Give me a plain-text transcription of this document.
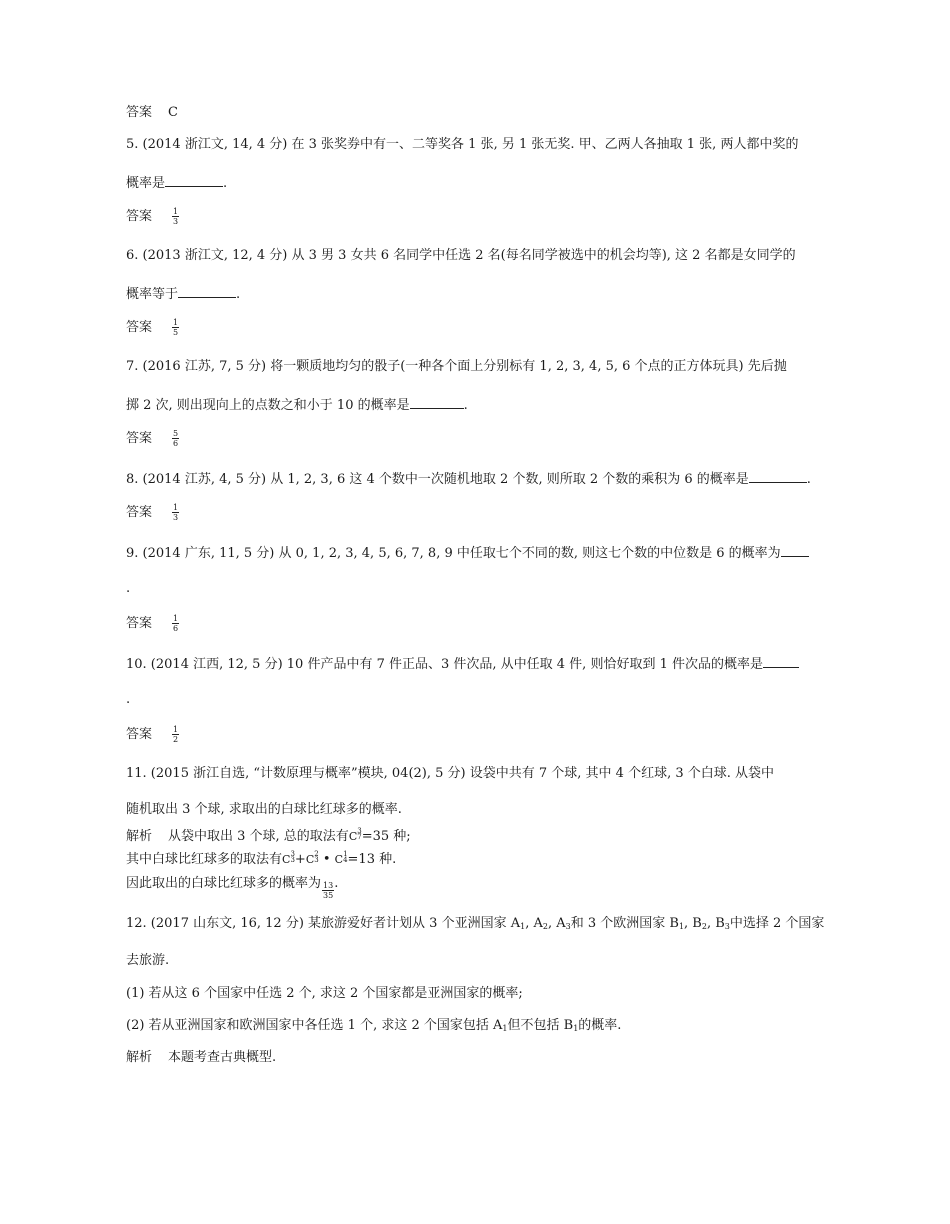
答案 C
5. (2014 浙江文, 14, 4 分) 在 3 张奖券中有一、二等奖各 1 张, 另 1 张无奖. 甲、乙两人各抽取 1 张, 两人都中奖的
概率是	.
答案 $\frac{1}{3}$
6. (2013 浙江文, 12, 4 分) 从 3 男 3 女共 6 名同学中任选 2 名(每名同学被选中的机会均等), 这 2 名都是女同学的
概率等于	.
答案 $\frac{1}{5}$
7. (2016 江苏, 7, 5 分) 将一颗质地均匀的骰子(一种各个面上分别标有 1, 2, 3, 4, 5, 6 个点的正方体玩具) 先后抛
掷 2 次, 则出现向上的点数之和小于 10 的概率是	.
答案 $\frac{5}{6}$
8. (2014 江苏, 4, 5 分) 从 1, 2, 3, 6 这 4 个数中一次随机地取 2 个数, 则所取 2 个数的乘积为 6 的概率是	.
答案 $\frac{1}{3}$
9. (2014 广东, 11, 5 分) 从 0, 1, 2, 3, 4, 5, 6, 7, 8, 9 中任取七个不同的数, 则这七个数的中位数是 6 的概率为
.
答案 $\frac{1}{6}$
10. (2014 江西, 12, 5 分) 10 件产品中有 7 件正品、3 件次品, 从中任取 4 件, 则恰好取到 1 件次品的概率是
.
答案 $\frac{1}{2}$
11. (2015 浙江自选, “计数原理与概率”模块, 04(2), 5 分) 设袋中共有 7 个球, 其中 4 个红球, 3 个白球. 从袋中
随机取出 3 个球, 求取出的白球比红球多的概率.
解析 从袋中取出 3 个球, 总的取法有 C 3
7 =35 种;
其中白球比红球多的取法有 C 3
3 + C 2
3 • C 1
4 =13 种.
因此取出的白球比红球多的概率为 $\frac{13}{35}$ .
12. (2017 山东文, 16, 12 分) 某旅游爱好者计划从 3 个亚洲国家 $A_1$, $A_2$, $A_3$和 3 个欧洲国家 $B_1$, $B_2$, $B_3$中选择 2 个国家
去旅游.
(1) 若从这 6 个国家中任选 2 个, 求这 2 个国家都是亚洲国家的概率;
(2) 若从亚洲国家和欧洲国家中各任选 1 个, 求这 2 个国家包括 $A_1$但不包括 $B_1$的概率.
解析 本题考查古典概型.
